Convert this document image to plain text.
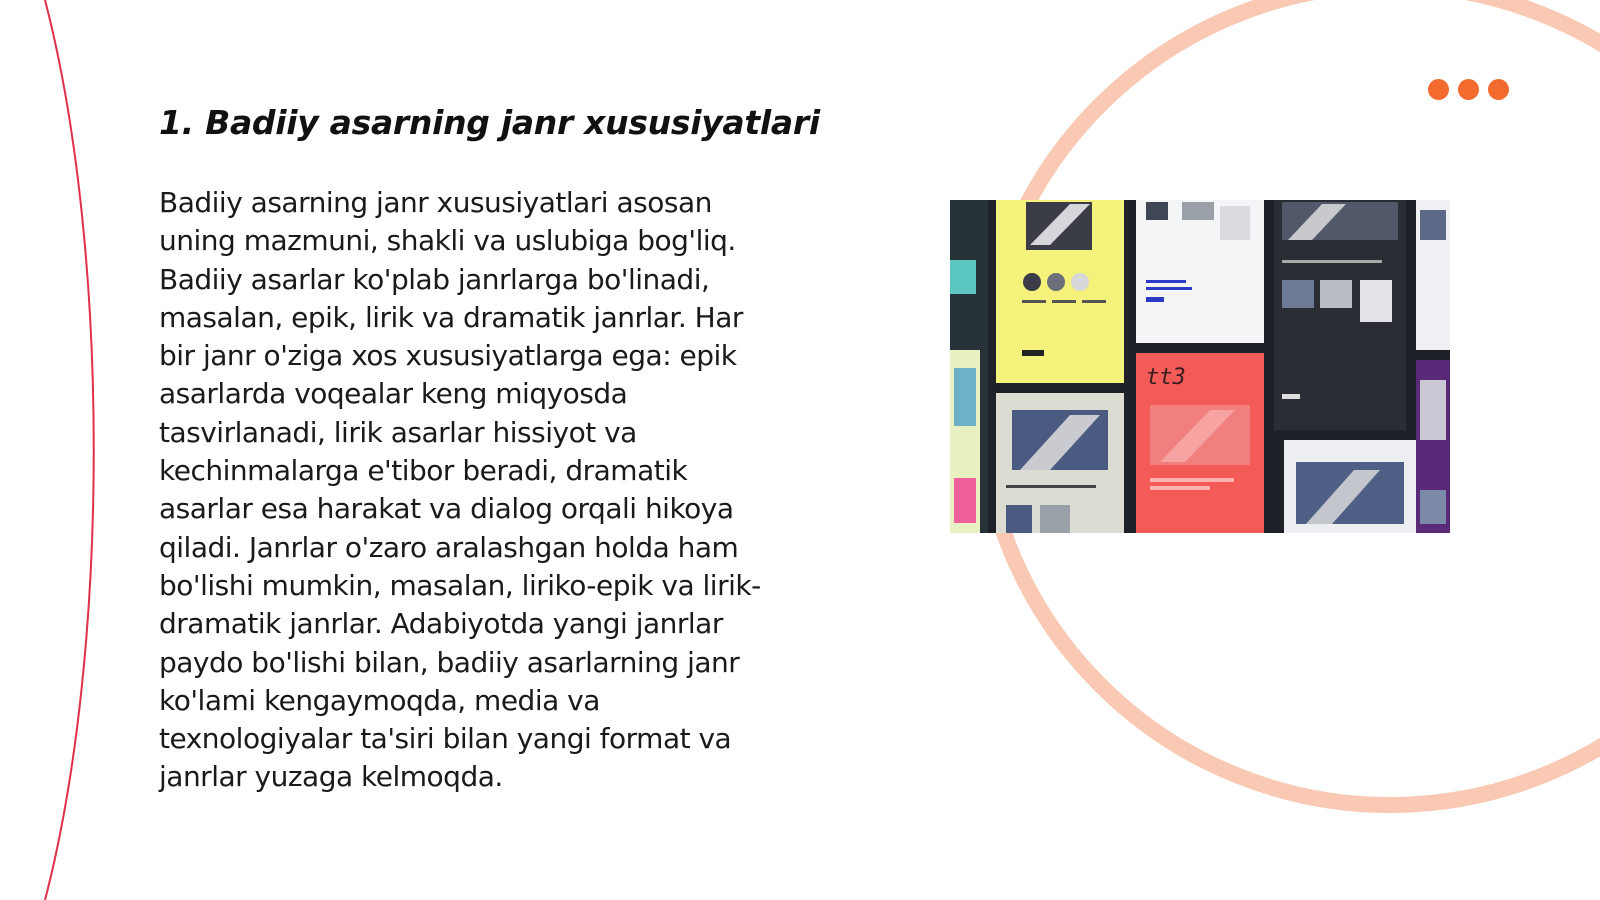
1. Badiiy asarning janr xususiyatlari
Badiiy asarning janr xususiyatlari asosan
uning mazmuni, shakli va uslubiga bog'liq.
Badiiy asarlar ko'plab janrlarga bo'linadi,
masalan, epik, lirik va dramatik janrlar. Har
bir janr o'ziga xos xususiyatlarga ega: epik
asarlarda voqealar keng miqyosda
tasvirlanadi, lirik asarlar hissiyot va
kechinmalarga e'tibor beradi, dramatik
asarlar esa harakat va dialog orqali hikoya
qiladi. Janrlar o'zaro aralashgan holda ham
bo'lishi mumkin, masalan, liriko-epik va lirik-
dramatik janrlar. Adabiyotda yangi janrlar
paydo bo'lishi bilan, badiiy asarlarning janr
ko'lami kengaymoqda, media va
texnologiyalar ta'siri bilan yangi format va
janrlar yuzaga kelmoqda.
tt3
